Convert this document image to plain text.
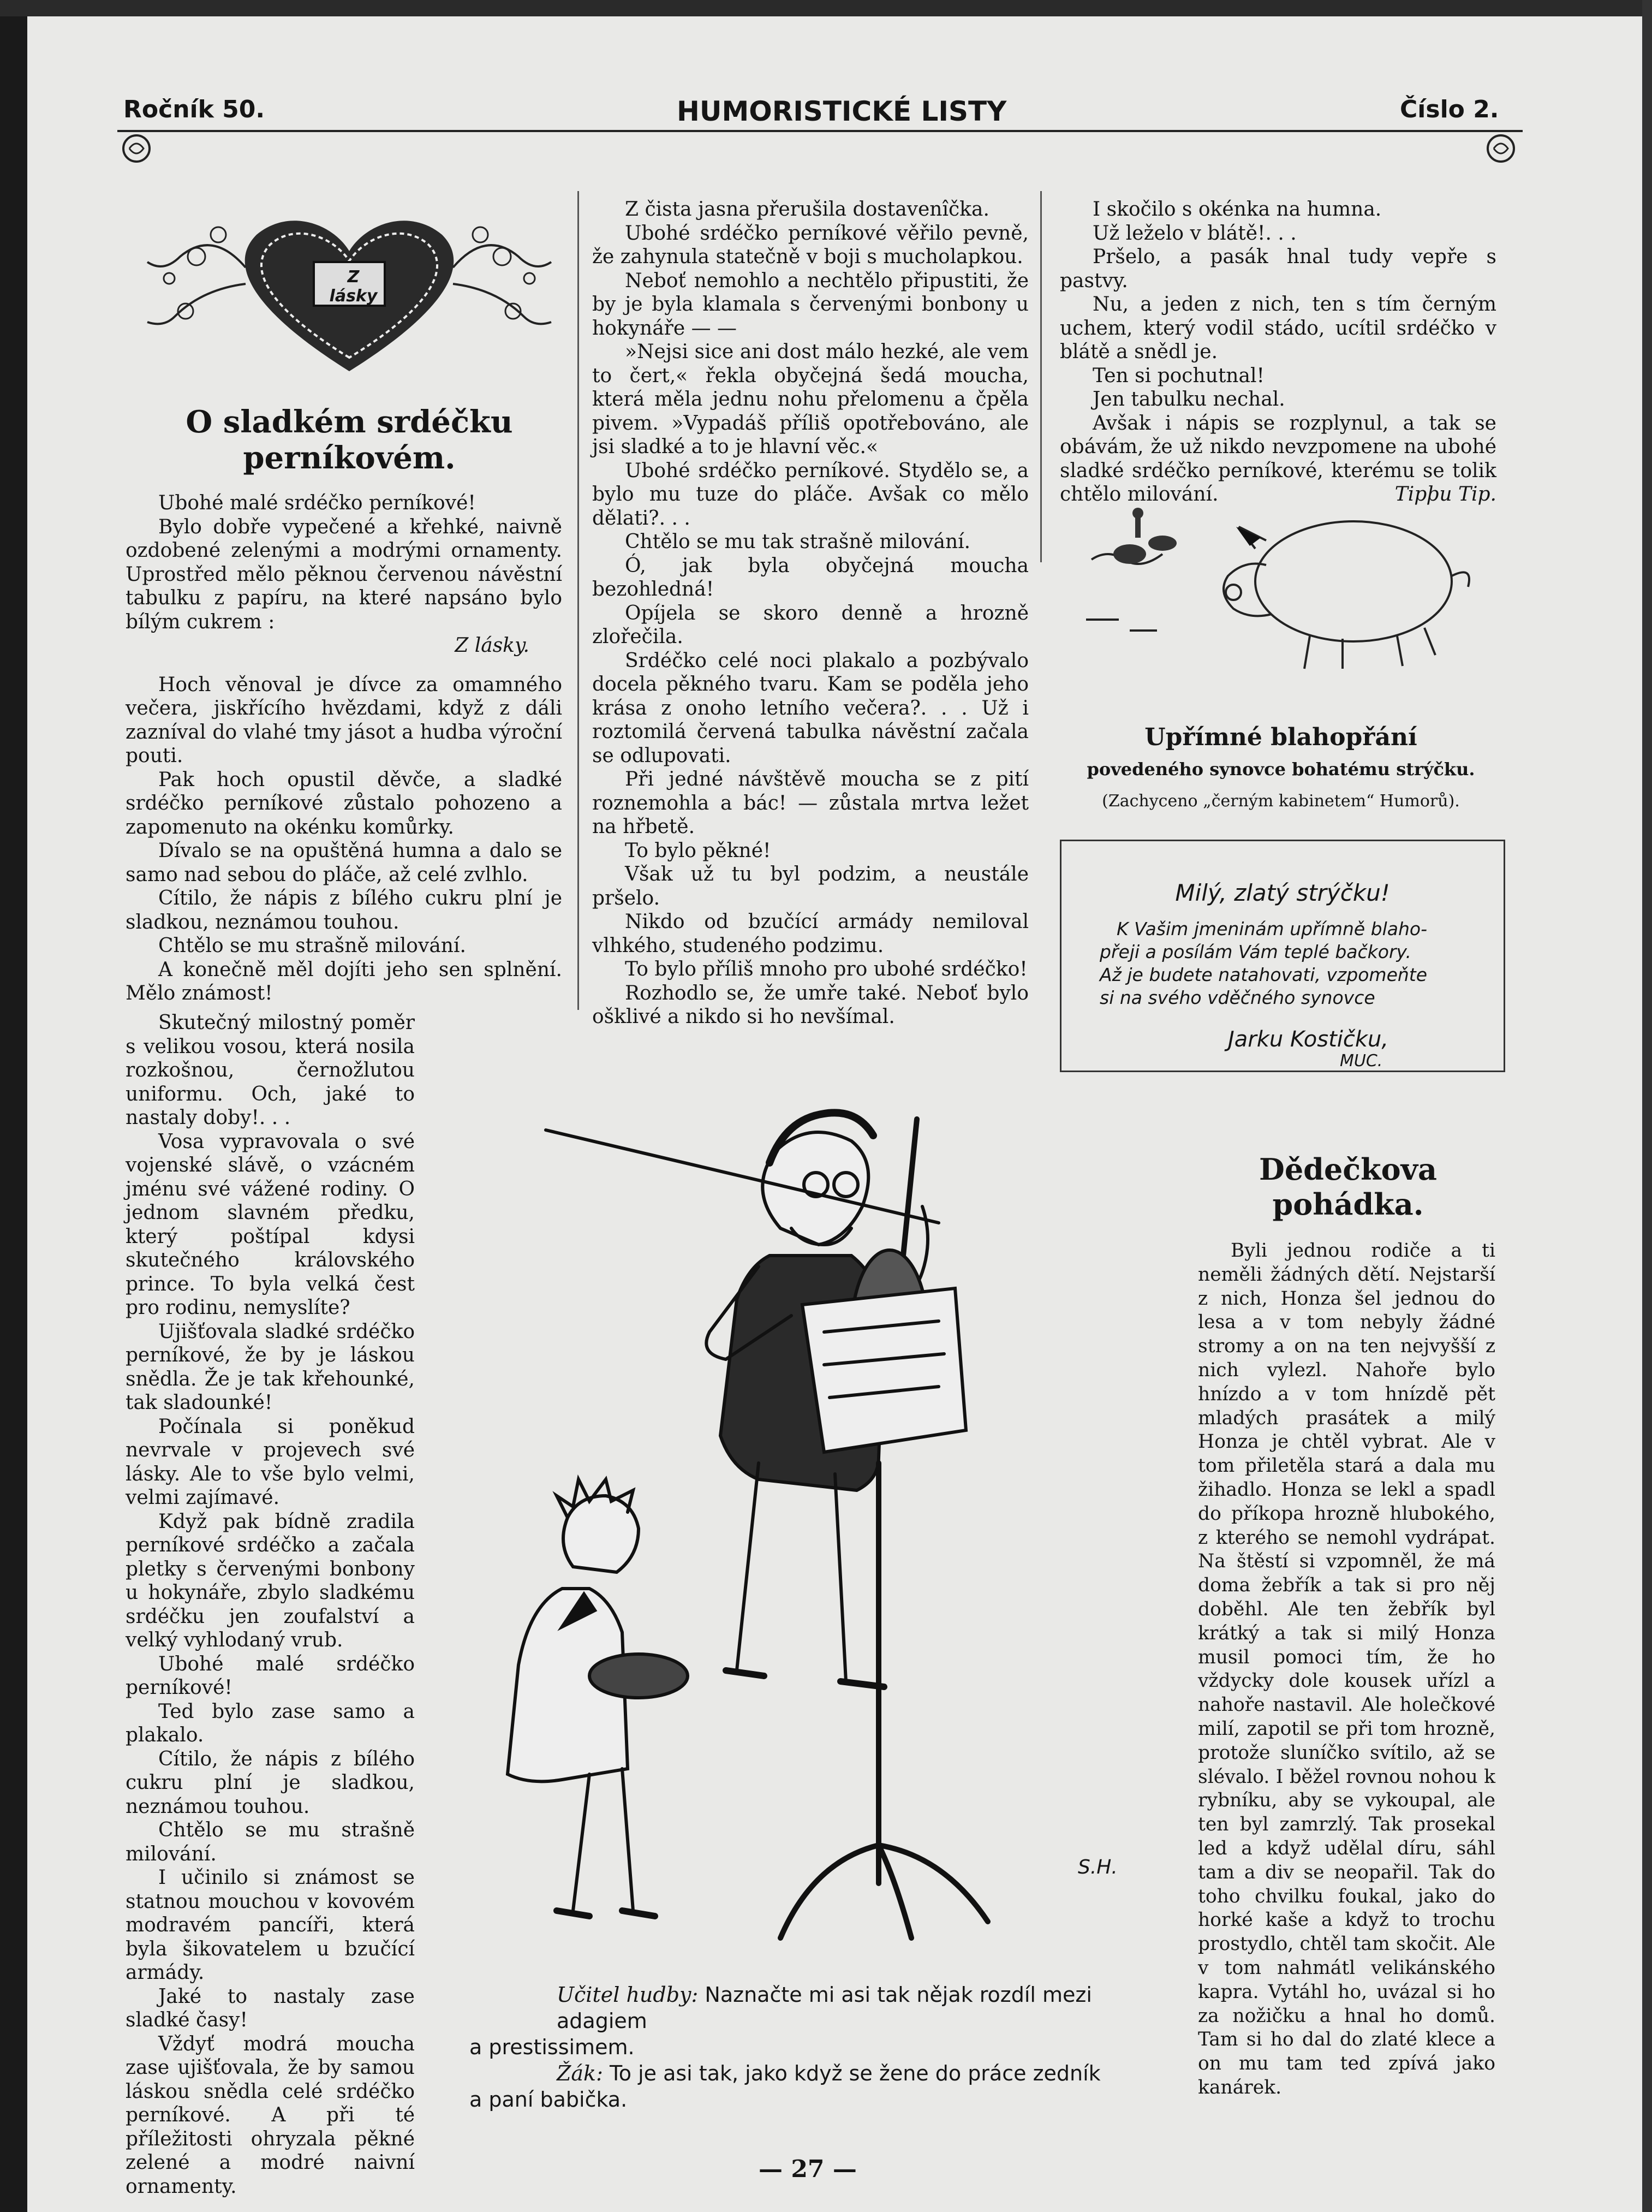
Ročník 50.	HUMORISTICKÉ LISTY	Číslo 2.
Z lásky
O sladkém srdéčku
perníkovém.

Ubohé malé srdéčko perníkové!

Bylo dobře vypečené a křehké, naivně ozdobené zelenými a modrými ornamenty. Uprostřed mělo pěknou červenou návěstní tabulku z papíru, na které napsáno bylo bílým cukrem :

Z lásky.

Hoch věnoval je dívce za omamného večera, jiskřícího hvězdami, když z dáli zazníval do vlahé tmy jásot a hudba výroční pouti.

Pak hoch opustil děvče, a sladké srdéčko perníkové zůstalo pohozeno a zapomenuto na okénku komůrky.

Dívalo se na opuštěná humna a dalo se samo nad sebou do pláče, až celé zvlhlo.

Cítilo, že nápis z bílého cukru plní je sladkou, neznámou touhou.

Chtělo se mu strašně milování.

A konečně měl dojíti jeho sen splnění. Mělo známost!

Skutečný milostný poměr s velikou vosou, která nosila rozkošnou, černožlutou uniformu. Och, jaké to nastaly doby!. . .

Vosa vypravovala o své vojenské slávě, o vzácném jménu své vážené rodiny. O jednom slavném předku, který poštípal kdysi skutečného královského prince. To byla velká čest pro rodinu, nemyslíte?

Ujišťovala sladké srdéčko perníkové, že by je láskou snědla. Že je tak křehounké, tak sladounké!

Počínala si poněkud nevrvale v projevech své lásky. Ale to vše bylo velmi, velmi zajímavé.

Když pak bídně zradila perníkové srdéčko a začala pletky s červenými bonbony u hokynáře, zbylo sladkému srdéčku jen zoufalství a velký vyhlodaný vrub.

Ubohé malé srdéčko perníkové!

Ted bylo zase samo a plakalo.

Cítilo, že nápis z bílého cukru plní je sladkou, neznámou touhou.

Chtělo se mu strašně milování.

I učinilo si známost se statnou mouchou v kovovém modravém pancíři, která byla šikovatelem u bzučící armády.

Jaké to nastaly zase sladké časy!

Vždyť modrá moucha zase ujišťovala, že by samou láskou snědla celé srdéčko perníkové. A při té příležitosti ohryzala pěkné zelené a modré naivní ornamenty.

Z čista jasna přerušila dostavenîčka.

Ubohé srdéčko perníkové věřilo pevně, že zahynula statečně v boji s mucholapkou.

Neboť nemohlo a nechtělo připustiti, že by je byla klamala s červenými bonbony u hokynáře — —

»Nejsi sice ani dost málo hezké, ale vem to čert,« řekla obyčejná šedá moucha, která měla jednu nohu přelomenu a čpěla pivem. »Vypadáš příliš opotřebováno, ale jsi sladké a to je hlavní věc.«

Ubohé srdéčko perníkové. Stydělo se, a bylo mu tuze do pláče. Avšak co mělo dělati?. . .

Chtělo se mu tak strašně milování.

Ó, jak byla obyčejná moucha bezohledná!

Opíjela se skoro denně a hrozně zlořečila.

Srdéčko celé noci plakalo a pozbývalo docela pěkného tvaru. Kam se poděla jeho krása z onoho letního večera?. . . Už i roztomilá červená tabulka návěstní začala se odlupovati.

Při jedné návštěvě moucha se z pití roznemohla a bác! — zůstala mrtva ležet na hřbetě.

To bylo pěkné!

Však už tu byl podzim, a neustále pršelo.

Nikdo od bzučící armády nemiloval vlhkého, studeného podzimu.

To bylo příliš mnoho pro ubohé srdéčko!

Rozhodlo se, že umře také. Neboť bylo ošklivé a nikdo si ho nevšímal.

I skočilo s okénka na humna.

Už leželo v blátě!. . .

Pršelo, a pasák hnal tudy vepře s pastvy.

Nu, a jeden z nich, ten s tím černým uchem, který vodil stádo, ucítil srdéčko v blátě a snědl je.

Ten si pochutnal!

Jen tabulku nechal.

Avšak i nápis se rozplynul, a tak se obávám, že už nikdo nevzpomene na ubohé sladké srdéčko perníkové, kterému se tolik chtělo milování.	Tipþu Tip.
Upřímné blahopřání
povedeného synovce bohatému strýčku.
(Zachyceno „černým kabinetem“ Humorů).
Milý, zlatý strýčku!
K Vašim jmeninám upřímně blaho-
přeji a posílám Vám teplé bačkory.
Až je budete natahovati, vzpomeňte
si na svého vděčného synovce
Jarku Kostičku,
MUC.
S.H.
Učitel hudby: Naznačte mi asi tak nějak rozdíl mezi adagiem
a prestissimem.
Žák: To je asi tak, jako když se žene do práce zedník
a paní babička.
Dědečkova
pohádka.

Byli jednou rodiče a ti neměli žádných dětí. Nejstarší z nich, Honza šel jednou do lesa a v tom nebyly žádné stromy a on na ten nejvyšší z nich vylezl. Nahoře bylo hnízdo a v tom hnízdě pět mladých prasátek a milý Honza je chtěl vybrat. Ale v tom přiletěla stará a dala mu žihadlo. Honza se lekl a spadl do příkopa hrozně hlubokého, z kterého se nemohl vydrápat. Na štěstí si vzpomněl, že má doma žebřík a tak si pro něj doběhl. Ale ten žebřík byl krátký a tak si milý Honza musil pomoci tím, že ho vždycky dole kousek uřízl a nahoře nastavil. Ale holečkové milí, zapotil se při tom hrozně, protože sluníčko svítilo, až se slévalo. I běžel rovnou nohou k rybníku, aby se vykoupal, ale ten byl zamrzlý. Tak prosekal led a když udělal díru, sáhl tam a div se neopařil. Tak do toho chvilku foukal, jako do horké kaše a když to trochu prostydlo, chtěl tam skočit. Ale v tom nahmátl velikánského kapra. Vytáhl ho, uvázal si ho za nožičku a hnal ho domů. Tam si ho dal do zlaté klece a on mu tam ted zpívá jako kanárek.

— 27 —
